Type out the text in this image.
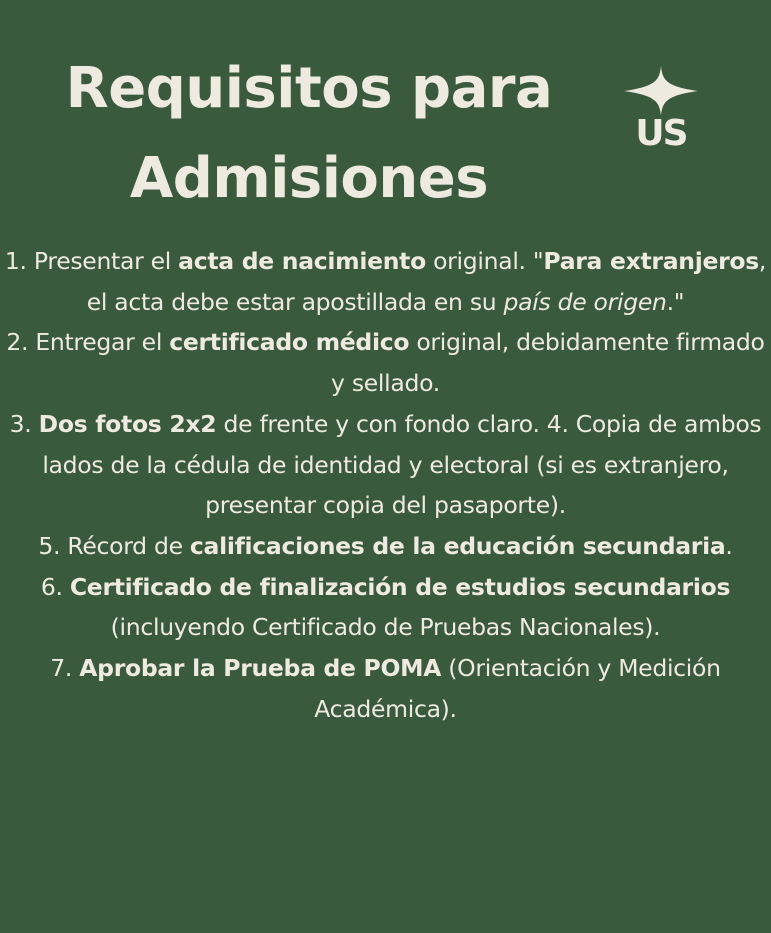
Requisitos para
Admisiones
US
1. Presentar el acta de nacimiento original. "Para extranjeros, el acta debe estar apostillada en su país de origen."
2. Entregar el certificado médico original, debidamente firmado y sellado.
3. Dos fotos 2x2 de frente y con fondo claro. 4. Copia de ambos lados de la cédula de identidad y electoral (si es extranjero, presentar copia del pasaporte).
5. Récord de calificaciones de la educación secundaria.
6. Certificado de finalización de estudios secundarios (incluyendo Certificado de Pruebas Nacionales).
7. Aprobar la Prueba de POMA (Orientación y Medición Académica).
